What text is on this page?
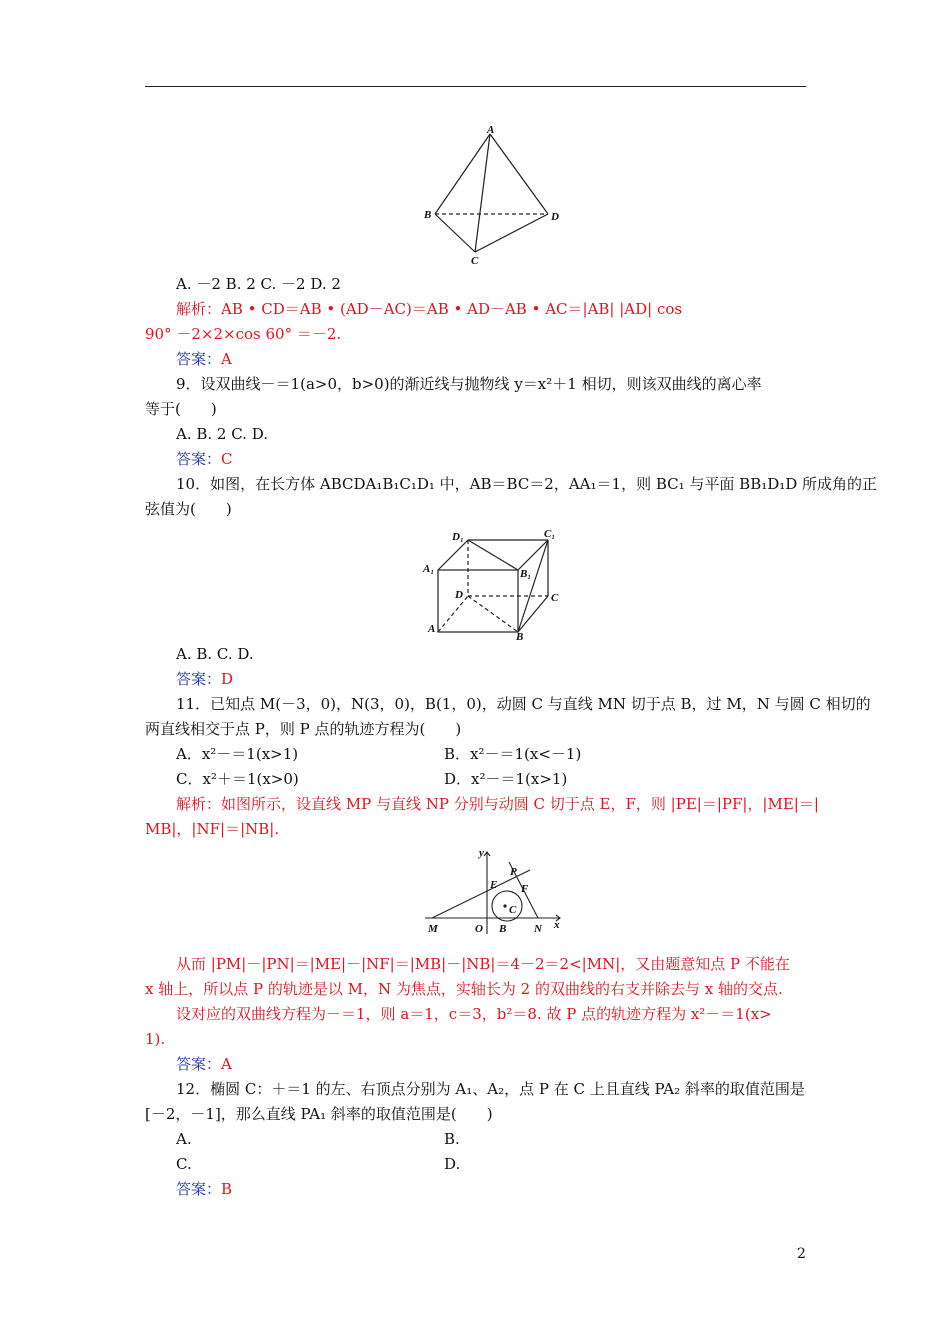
A
B	D
C
A. －2 B. 2 C. －2 D. 2
解析：AB • CD＝AB • (AD－AC)＝AB • AD－AB • AC＝|AB| |AD| cos
90° －2×2×cos 60° ＝－2.
答案：A
9．设双曲线－＝1(a>0，b>0)的渐近线与抛物线 y＝x²＋1 相切，则该双曲线的离心率
等于(　　)
A. B. 2 C. D.
答案：C
10．如图，在长方体 ABCDA₁B₁C₁D₁ 中，AB＝BC＝2，AA₁＝1，则 BC₁ 与平面 BB₁D₁D 所成角的正
弦值为(　　)
D₁	C₁
A₁	B₁
D	C
A
B
A. B. C. D.
答案：D
11．已知点 M(－3，0)，N(3，0)，B(1，0)，动圆 C 与直线 MN 切于点 B，过 M，N 与圆 C 相切的
两直线相交于点 P，则 P 点的轨迹方程为(　　)
A．x²－＝1(x>1)	B．x²－＝1(x<－1)
C．x²＋＝1(x>0)	D．x²－＝1(x>1)
解析：如图所示，设直线 MP 与直线 NP 分别与动圆 C 切于点 E，F，则 |PE|＝|PF|，|ME|＝|
MB|，|NF|＝|NB|.
y
x
P
E F
C
M	O B	N
从而 |PM|－|PN|＝|ME|－|NF|＝|MB|－|NB|＝4－2＝2<|MN|，又由题意知点 P 不能在
x 轴上，所以点 P 的轨迹是以 M，N 为焦点，实轴长为 2 的双曲线的右支并除去与 x 轴的交点.
设对应的双曲线方程为－＝1，则 a＝1，c＝3，b²＝8. 故 P 点的轨迹方程为 x²－＝1(x>
1).
答案：A
12．椭圆 C：＋＝1 的左、右顶点分别为 A₁、A₂，点 P 在 C 上且直线 PA₂ 斜率的取值范围是
[－2，－1]，那么直线 PA₁ 斜率的取值范围是(　　)
A.	B.
C.	D.
答案：B
2
